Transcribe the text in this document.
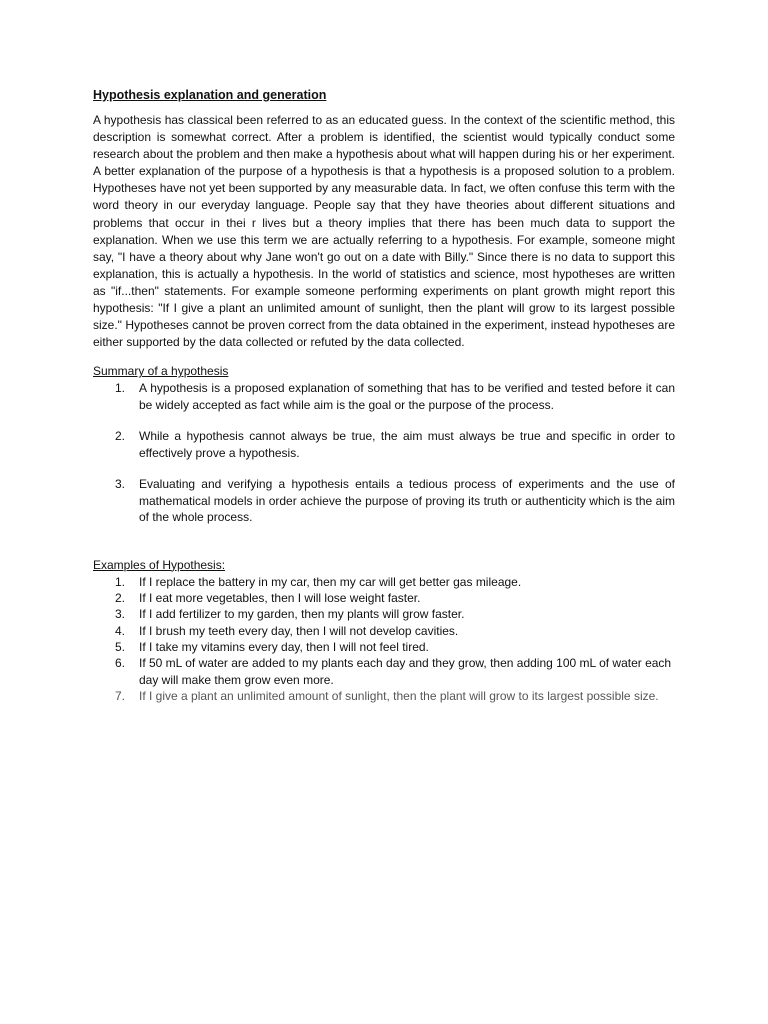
Hypothesis explanation and generation

A hypothesis has classical been referred to as an educated guess. In the context of the scientific method, this description is somewhat correct. After a problem is identified, the scientist would typically conduct some research about the problem and then make a hypothesis about what will happen during his or her experiment. A better explanation of the purpose of a hypothesis is that a hypothesis is a proposed solution to a problem. Hypotheses have not yet been supported by any measurable data. In fact, we often confuse this term with the word theory in our everyday language. People say that they have theories about different situations and problems that occur in thei r lives but a theory implies that there has been much data to support the explanation. When we use this term we are actually referring to a hypothesis. For example, someone might say, "I have a theory about why Jane won't go out on a date with Billy." Since there is no data to support this explanation, this is actually a hypothesis. In the world of statistics and science, most hypotheses are written as "if...then" statements. For example someone performing experiments on plant growth might report this hypothesis: "If I give a plant an unlimited amount of sunlight, then the plant will grow to its largest possible size." Hypotheses cannot be proven correct from the data obtained in the experiment, instead hypotheses are either supported by the data collected or refuted by the data collected.

Summary of a hypothesis
1. A hypothesis is a proposed explanation of something that has to be verified and tested before it can be widely accepted as fact while aim is the goal or the purpose of the process.
2. While a hypothesis cannot always be true, the aim must always be true and specific in order to effectively prove a hypothesis.
3. Evaluating and verifying a hypothesis entails a tedious process of experiments and the use of mathematical models in order achieve the purpose of proving its truth or authenticity which is the aim of the whole process.
Examples of Hypothesis:
1. If I replace the battery in my car, then my car will get better gas mileage.
2. If I eat more vegetables, then I will lose weight faster.
3. If I add fertilizer to my garden, then my plants will grow faster.
4. If I brush my teeth every day, then I will not develop cavities.
5. If I take my vitamins every day, then I will not feel tired.
6. If 50 mL of water are added to my plants each day and they grow, then adding 100 mL of water each day will make them grow even more.
7. If I give a plant an unlimited amount of sunlight, then the plant will grow to its largest possible size.
